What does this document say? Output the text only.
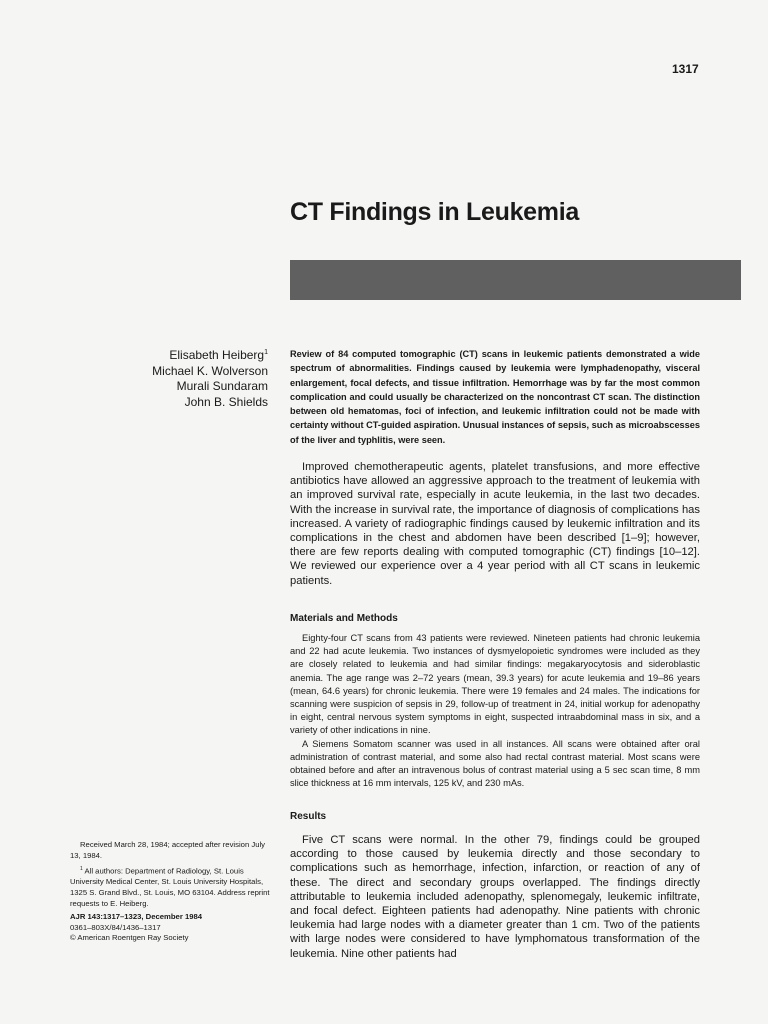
1317
CT Findings in Leukemia
Elisabeth Heiberg$^1$
Michael K. Wolverson
Murali Sundaram
John B. Shields

Review of 84 computed tomographic (CT) scans in leukemic patients demonstrated a wide spectrum of abnormalities. Findings caused by leukemia were lymphadenopathy, visceral enlargement, focal defects, and tissue infiltration. Hemorrhage was by far the most common complication and could usually be characterized on the noncontrast CT scan. The distinction between old hematomas, foci of infection, and leukemic infiltration could not be made with certainty without CT-guided aspiration. Unusual instances of sepsis, such as microabscesses of the liver and typhlitis, were seen.

Improved chemotherapeutic agents, platelet transfusions, and more effective antibiotics have allowed an aggressive approach to the treatment of leukemia with an improved survival rate, especially in acute leukemia, in the last two decades. With the increase in survival rate, the importance of diagnosis of complications has increased. A variety of radiographic findings caused by leukemic infiltration and its complications in the chest and abdomen have been described [1–9]; however, there are few reports dealing with computed tomographic (CT) findings [10–12]. We reviewed our experience over a 4 year period with all CT scans in leukemic patients.

Materials and Methods

Eighty-four CT scans from 43 patients were reviewed. Nineteen patients had chronic leukemia and 22 had acute leukemia. Two instances of dysmyelopoietic syndromes were included as they are closely related to leukemia and had similar findings: megakaryocytosis and sideroblastic anemia. The age range was 2–72 years (mean, 39.3 years) for acute leukemia and 19–86 years (mean, 64.6 years) for chronic leukemia. There were 19 females and 24 males. The indications for scanning were suspicion of sepsis in 29, follow-up of treatment in 24, initial workup for adenopathy in eight, central nervous system symptoms in eight, suspected intraabdominal mass in six, and a variety of other indications in nine.

A Siemens Somatom scanner was used in all instances. All scans were obtained after oral administration of contrast material, and some also had rectal contrast material. Most scans were obtained before and after an intravenous bolus of contrast material using a 5 sec scan time, 8 mm slice thickness at 16 mm intervals, 125 kV, and 230 mAs.

Results

Five CT scans were normal. In the other 79, findings could be grouped according to those caused by leukemia directly and those secondary to complications such as hemorrhage, infection, infarction, or reaction of any of these. The direct and secondary groups overlapped. The findings directly attributable to leukemia included adenopathy, splenomegaly, leukemic infiltrate, and focal defect. Eighteen patients had adenopathy. Nine patients with chronic leukemia had large nodes with a diameter greater than 1 cm. Two of the patients with large nodes were considered to have lymphomatous transformation of the leukemia. Nine other patients had

Received March 28, 1984; accepted after revision July 13, 1984.

$^1$ All authors: Department of Radiology, St. Louis University Medical Center, St. Louis University Hospitals, 1325 S. Grand Blvd., St. Louis, MO 63104. Address reprint requests to E. Heiberg.

AJR 143:1317–1323, December 1984
0361–803X/84/1436–1317
© American Roentgen Ray Society
